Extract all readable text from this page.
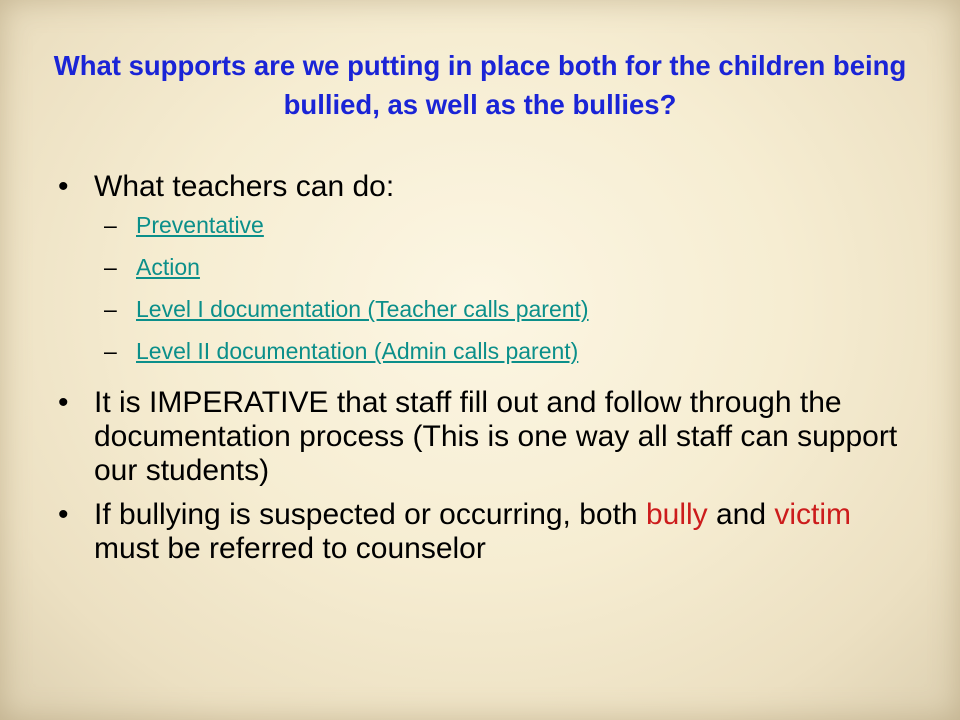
What supports are we putting in place both for the children being bullied, as well as the bullies?
• What teachers can do:
– Preventative
– Action
– Level I documentation (Teacher calls parent)
– Level II documentation (Admin calls parent)
• It is IMPERATIVE that staff fill out and follow through the documentation process (This is one way all staff can support our students)
• If bullying is suspected or occurring, both bully and victim must be referred to counselor
